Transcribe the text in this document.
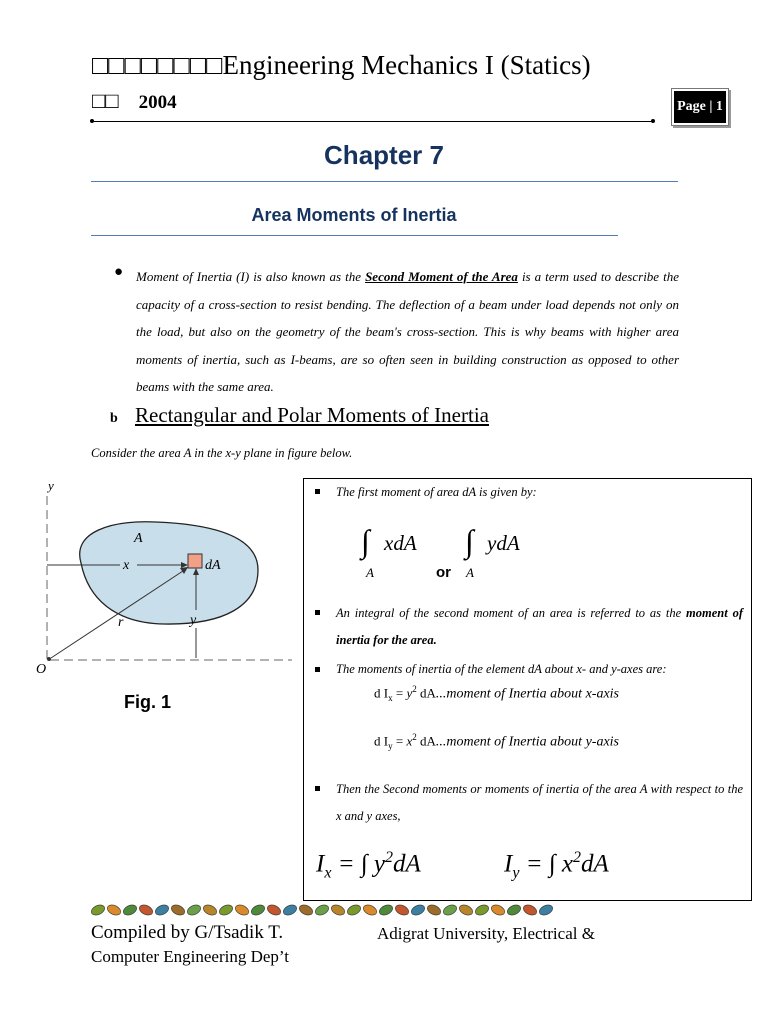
□□□□□□□□Engineering Mechanics I (Statics)
□□ 2004	Page | 1
Chapter 7
Area Moments of Inertia
● Moment of Inertia (I) is also known as the Second Moment of the Area is a term used to describe the capacity of a cross-section to resist bending. The deflection of a beam under load depends not only on the load, but also on the geometry of the beam's cross-section. This is why beams with higher area moments of inertia, such as I-beams, are so often seen in building construction as opposed to other beams with the same area.
b Rectangular and Polar Moments of Inertia
Consider the area A in the x-y plane in figure below.
y
O
A
x	dA
r	y
Fig. 1
The first moment of area dA is given by:
∫ xdA
A	or
∫ ydA
A
An integral of the second moment of an area is referred to as the moment of inertia for the area.
The moments of inertia of the element dA about x- and y-axes are:
d $I_x = y^2$ dA...moment of Inertia about x-axis
d $I_y = x^2$ dA...moment of Inertia about y-axis
Then the Second moments or moments of inertia of the area A with respect to the x and y axes,
$I_x$ = ∫ $y^2dA$	$I_y$ = ∫ $x^2dA$
Compiled by G/Tsadik T.	Adigrat University, Electrical &
Computer Engineering Dep’t
